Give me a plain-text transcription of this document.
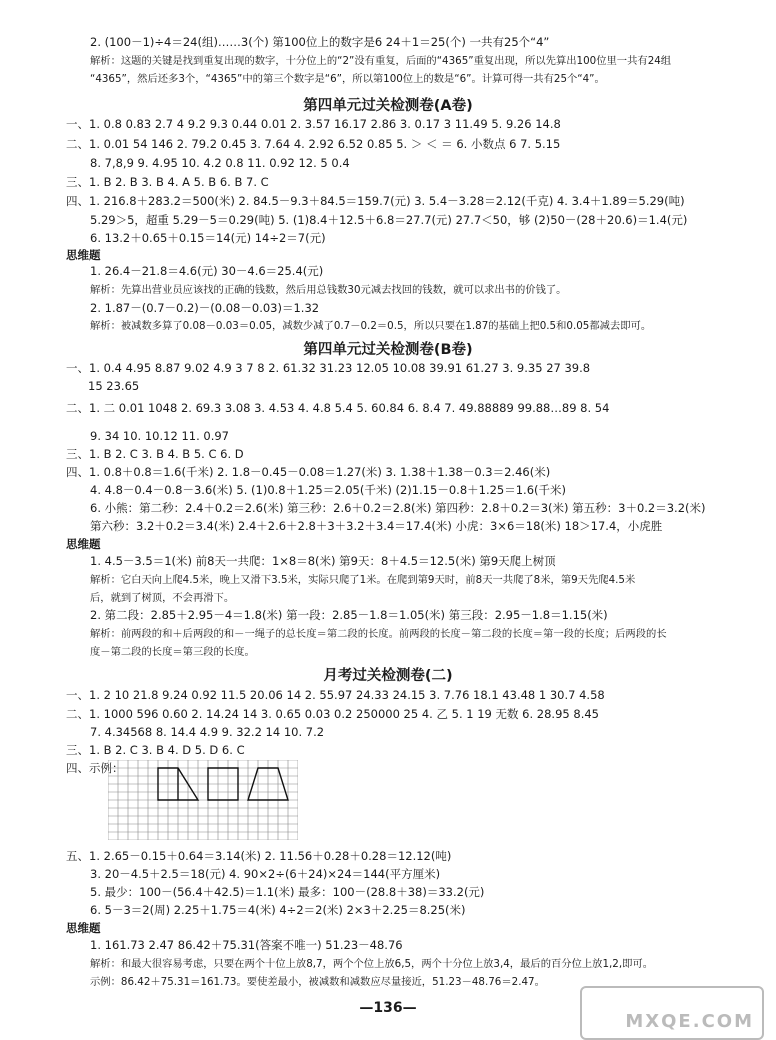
2. (100－1)÷4＝24(组)……3(个) 第100位上的数字是6 24＋1＝25(个) 一共有25个“4”
解析：这题的关键是找到重复出现的数字，十分位上的“2”没有重复，后面的“4365”重复出现，所以先算出100位里一共有24组
“4365”，然后还多3个，“4365”中的第三个数字是“6”，所以第100位上的数是“6”。计算可得一共有25个“4”。
第四单元过关检测卷(A卷)
一、1. 0.8 0.83 2.7 4 9.2 9.3 0.44 0.01 2. 3.57 16.17 2.86 3. 0.17 3 11.49 5. 9.26 14.8
二、1. 0.01 54 146 2. 79.2 0.45 3. 7.64 4. 2.92 6.52 0.85 5. ＞ ＜ ＝ 6. 小数点 6 7. 5.15
8. 7,8,9 9. 4.95 10. 4.2 0.8 11. 0.92 12. 5 0.4
三、1. B 2. B 3. B 4. A 5. B 6. B 7. C
四、1. 216.8＋283.2＝500(米) 2. 84.5－9.3＋84.5＝159.7(元) 3. 5.4－3.28＝2.12(千克) 4. 3.4＋1.89＝5.29(吨)
5.29＞5，超重 5.29－5＝0.29(吨) 5. (1)8.4＋12.5＋6.8＝27.7(元) 27.7＜50，够 (2)50－(28＋20.6)＝1.4(元)
6. 13.2＋0.65＋0.15＝14(元) 14÷2＝7(元)
思维题
1. 26.4－21.8＝4.6(元) 30－4.6＝25.4(元)
解析：先算出营业员应该找的正确的钱数，然后用总钱数30元减去找回的钱数，就可以求出书的价钱了。
2. 1.87－(0.7－0.2)－(0.08－0.03)＝1.32
解析：被减数多算了0.08－0.03＝0.05，减数少减了0.7－0.2＝0.5，所以只要在1.87的基础上把0.5和0.05都减去即可。
第四单元过关检测卷(B卷)
一、1. 0.4 4.95 8.87 9.02 4.9 3 7 8 2. 61.32 31.23 12.05 10.08 39.91 61.27 3. 9.35 27 39.8
15 23.65
二、1. 二 0.01 1048 2. 69.3 3.08 3. 4.53 4. 4.8 5.4 5. 60.84 6. 8.4 7. 49.88889 99.88…89 8. 54
9. 34 10. 10.12 11. 0.97
三、1. B 2. C 3. B 4. B 5. C 6. D
四、1. 0.8＋0.8＝1.6(千米) 2. 1.8－0.45－0.08＝1.27(米) 3. 1.38＋1.38－0.3＝2.46(米)
4. 4.8－0.4－0.8－3.6(米) 5. (1)0.8＋1.25＝2.05(千米) (2)1.15－0.8＋1.25＝1.6(千米)
6. 小熊：第二秒：2.4＋0.2＝2.6(米) 第三秒：2.6＋0.2＝2.8(米) 第四秒：2.8＋0.2＝3(米) 第五秒：3＋0.2＝3.2(米)
第六秒：3.2＋0.2＝3.4(米) 2.4＋2.6＋2.8＋3＋3.2＋3.4＝17.4(米) 小虎：3×6＝18(米) 18＞17.4，小虎胜
思维题
1. 4.5－3.5＝1(米) 前8天一共爬：1×8＝8(米) 第9天：8＋4.5＝12.5(米) 第9天爬上树顶
解析：它白天向上爬4.5米，晚上又滑下3.5米，实际只爬了1米。在爬到第9天时，前8天一共爬了8米，第9天先爬4.5米
后，就到了树顶，不会再滑下。
2. 第二段：2.85＋2.95－4＝1.8(米) 第一段：2.85－1.8＝1.05(米) 第三段：2.95－1.8＝1.15(米)
解析：前两段的和＋后两段的和－一绳子的总长度＝第二段的长度。前两段的长度－第二段的长度＝第一段的长度；后两段的长
度－第二段的长度＝第三段的长度。
月考过关检测卷(二)
一、1. 2 10 21.8 9.24 0.92 11.5 20.06 14 2. 55.97 24.33 24.15 3. 7.76 18.1 43.48 1 30.7 4.58
二、1. 1000 596 0.60 2. 14.24 14 3. 0.65 0.03 0.2 250000 25 4. 乙 5. 1 19 无数 6. 28.95 8.45
7. 4.34568 8. 14.4 4.9 9. 32.2 14 10. 7.2
三、1. B 2. C 3. B 4. D 5. D 6. C
四、示例：
五、1. 2.65－0.15＋0.64＝3.14(米) 2. 11.56＋0.28＋0.28＝12.12(吨)
3. 20－4.5＋2.5＝18(元) 4. 90×2÷(6＋24)×24＝144(平方厘米)
5. 最少：100－(56.4＋42.5)＝1.1(米) 最多：100－(28.8＋38)＝33.2(元)
6. 5－3＝2(周) 2.25＋1.75＝4(米) 4÷2＝2(米) 2×3＋2.25＝8.25(米)
思维题
1. 161.73 2.47 86.42＋75.31(答案不唯一) 51.23－48.76
解析：和最大很容易考虑，只要在两个十位上放8,7，两个个位上放6,5，两个十分位上放3,4，最后的百分位上放1,2,即可。
示例：86.42＋75.31＝161.73。要使差最小，被减数和减数应尽量接近，51.23－48.76＝2.47。
—136—
MXQE.COM
